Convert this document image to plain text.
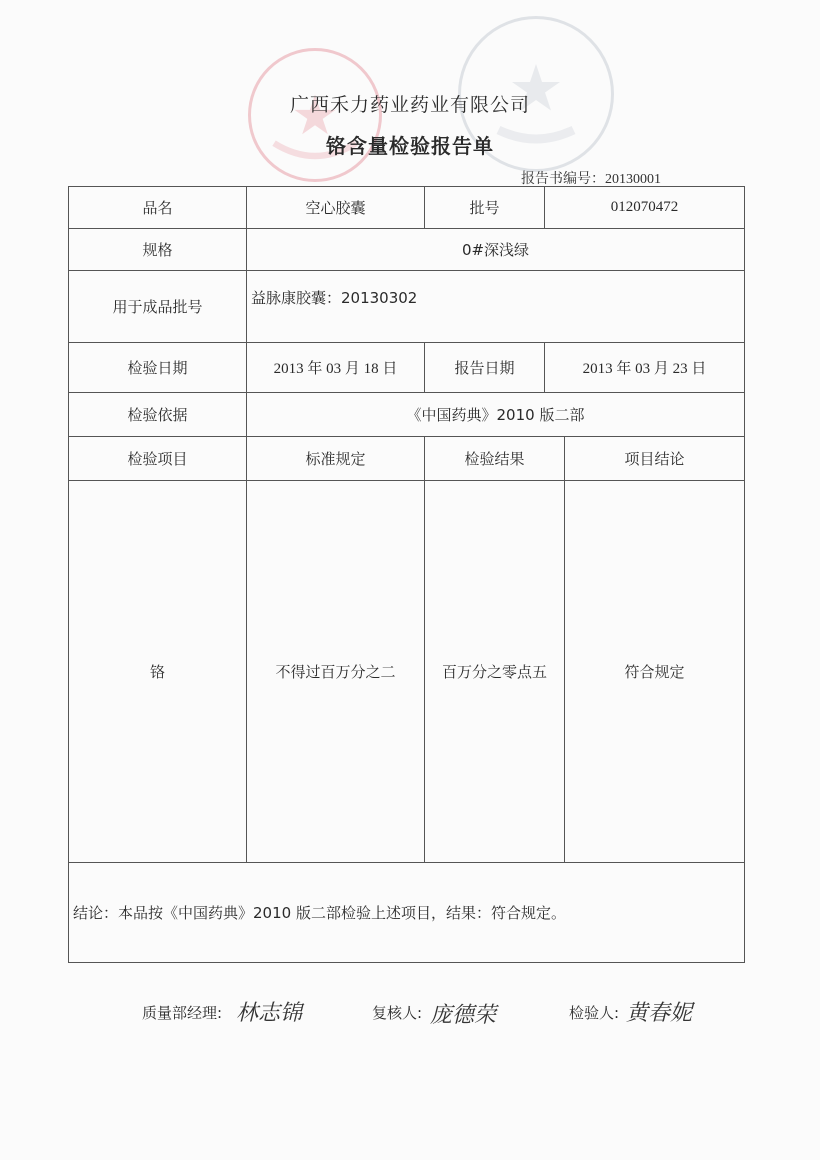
广西禾力药业药业有限公司
铬含量检验报告单
报告书编号：20130001
品名	空心胶囊	批号	012070472	
规格	0#深浅绿			
用于成品批号	益脉康胶囊：20130302			
检验日期	2013 年 03 月 18 日	报告日期	2013 年 03 月 23 日	
检验依据	《中国药典》2010 版二部			
检验项目	标准规定	检验结果		项目结论
铬	不得过百万分之二	百万分之零点五		符合规定
结论：本品按《中国药典》2010 版二部检验上述项目，结果：符合规定。				
质量部经理: 林志锦	复核人: 庞德荣	检验人: 黄春妮
